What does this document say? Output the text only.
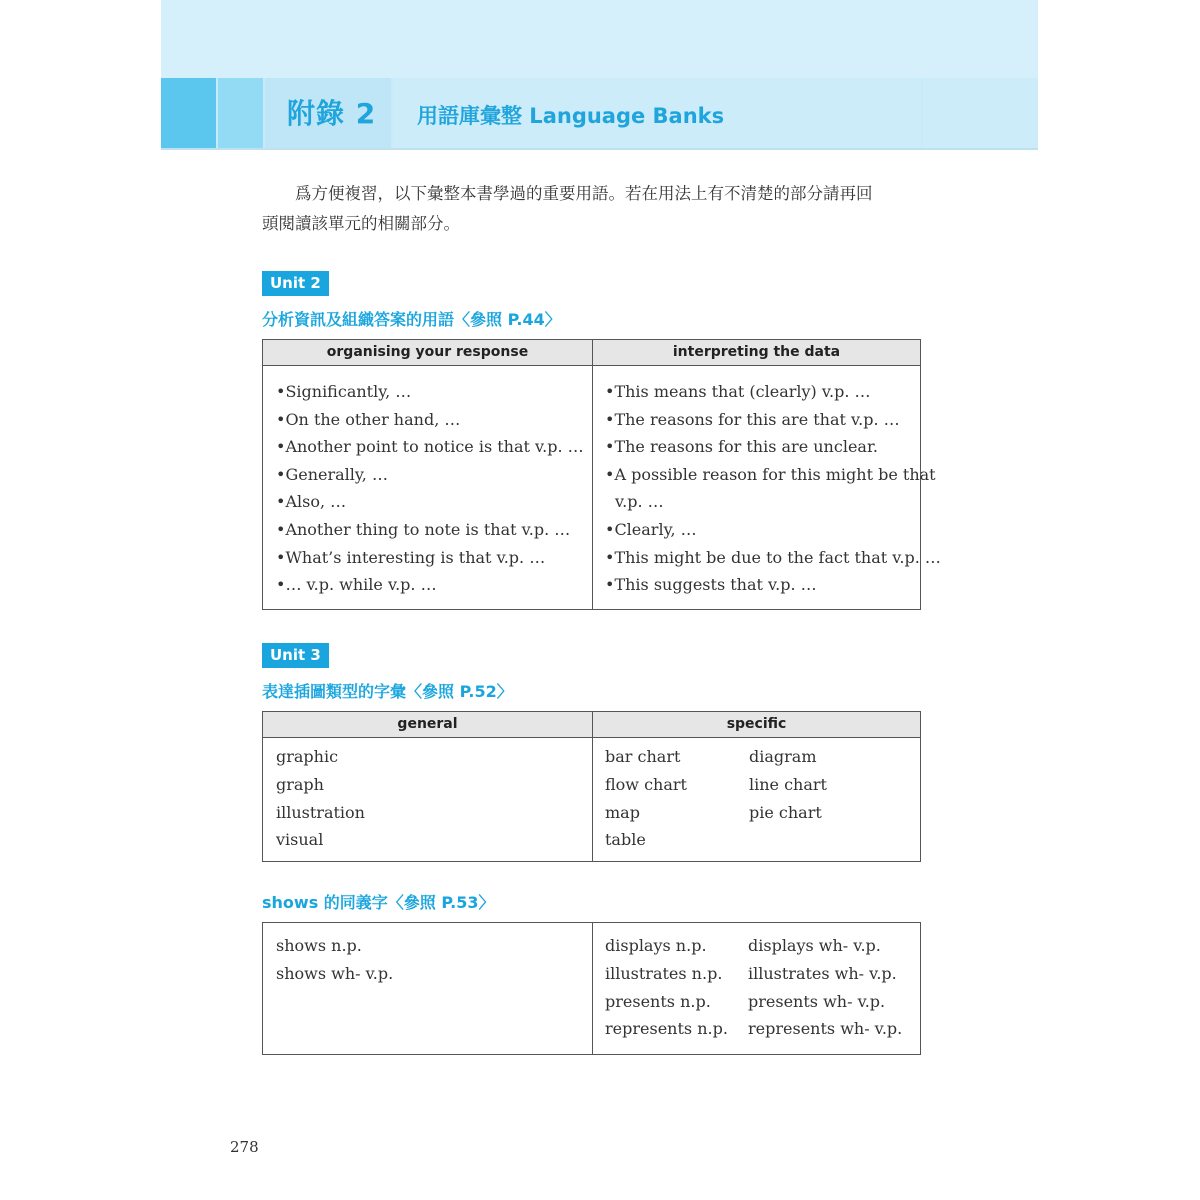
附錄 2 用語庫彙整 Language Banks
爲方便複習，以下彙整本書學過的重要用語。若在用法上有不清楚的部分請再回
頭閱讀該單元的相關部分。
Unit 2
分析資訊及組織答案的用語〈參照 P.44〉
organising your response
• Significantly, …
• On the other hand, …
• Another point to notice is that v.p. …
• Generally, …
• Also, …
• Another thing to note is that v.p. …
• What’s interesting is that v.p. …
• … v.p. while v.p. …
interpreting the data
• This means that (clearly) v.p. …
• The reasons for this are that v.p. …
• The reasons for this are unclear.
• A possible reason for this might be that
v.p. …
• Clearly, …
• This might be due to the fact that v.p. …
• This suggests that v.p. …
Unit 3
表達插圖類型的字彙〈參照 P.52〉
general
graphic
graph
illustration
visual
specific
bar chart
flow chart
map
table
diagram
line chart
pie chart
shows 的同義字〈參照 P.53〉
shows n.p.
shows wh- v.p.
displays n.p.
illustrates n.p.
presents n.p.
represents n.p.
displays wh- v.p.
illustrates wh- v.p.
presents wh- v.p.
represents wh- v.p.
278
